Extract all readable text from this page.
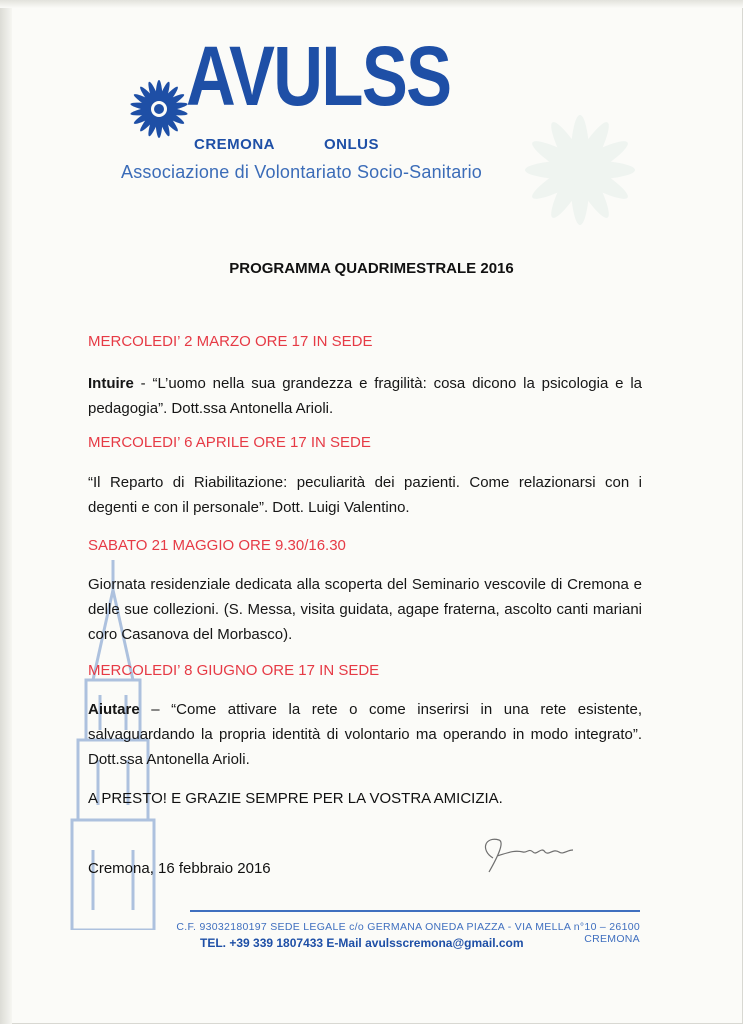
AVULSS
CREMONA	ONLUS
Associazione di Volontariato Socio-Sanitario
PROGRAMMA QUADRIMESTRALE 2016
MERCOLEDI’ 2 MARZO ORE 17 IN SEDE
Intuire - “L’uomo nella sua grandezza e fragilità: cosa dicono la psicologia e la pedagogia”. Dott.ssa Antonella Arioli.
MERCOLEDI’ 6 APRILE ORE 17 IN SEDE
“Il Reparto di Riabilitazione: peculiarità dei pazienti. Come relazionarsi con i degenti e con il personale”. Dott. Luigi Valentino.
SABATO 21 MAGGIO ORE 9.30/16.30
Giornata residenziale dedicata alla scoperta del Seminario vescovile di Cremona e delle sue collezioni. (S. Messa, visita guidata, agape fraterna, ascolto canti mariani coro Casanova del Morbasco).
MERCOLEDI’ 8 GIUGNO ORE 17 IN SEDE
Aiutare – “Come attivare la rete o come inserirsi in una rete esistente, salvaguardando la propria identità di volontario ma operando in modo integrato”. Dott.ssa Antonella Arioli.
A PRESTO! E GRAZIE SEMPRE PER LA VOSTRA AMICIZIA.
Cremona, 16 febbraio 2016
C.F. 93032180197 SEDE LEGALE c/o GERMANA ONEDA PIAZZA - VIA MELLA n°10 – 26100 CREMONA
TEL. +39 339 1807433 E-Mail avulsscremona@gmail.com
